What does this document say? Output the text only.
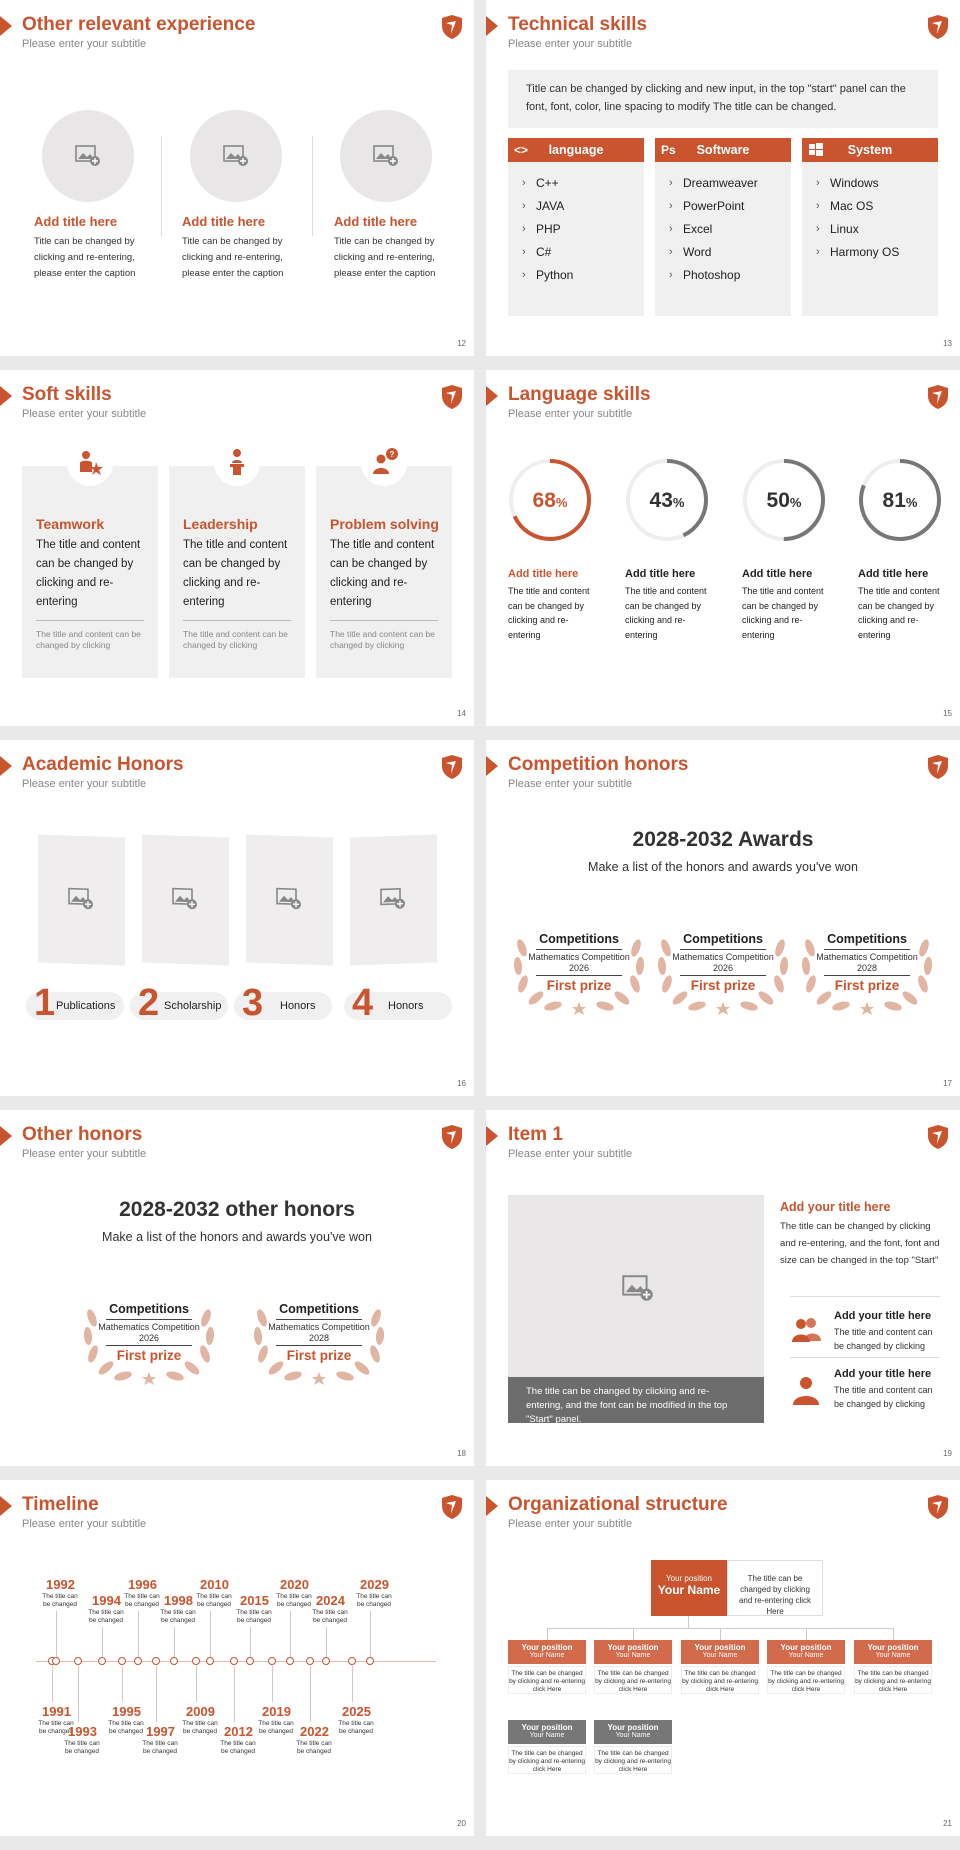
Other relevant experience
Please enter your subtitle
Add title here
Title can be changed by clicking and re-entering, please enter the caption
Add title here
Title can be changed by clicking and re-entering, please enter the caption
Add title here
Title can be changed by clicking and re-entering, please enter the caption
12
Technical skills
Please enter your subtitle
Title can be changed by clicking and new input, in the top "start" panel can the font, font, color, line spacing to modify The title can be changed.
<>	language
› C++
› JAVA
› PHP
› C#
› Python
Ps	Software
› Dreamweaver
› PowerPoint
› Excel
› Word
› Photoshop
System
› Windows
› Mac OS
› Linux
› Harmony OS
13
Soft skills
Please enter your subtitle
Teamwork
The title and content can be changed by clicking and re-entering
The title and content can be changed by clicking
Leadership
The title and content can be changed by clicking and re-entering
The title and content can be changed by clicking
Problem solving
The title and content can be changed by clicking and re-entering
The title and content can be changed by clicking
?
14
Language skills
Please enter your subtitle
68%	43%	50%	81%
Add title here
The title and content can be changed by clicking and re-entering
Add title here
The title and content can be changed by clicking and re-entering
Add title here
The title and content can be changed by clicking and re-entering
Add title here
The title and content can be changed by clicking and re-entering
15
Academic Honors
Please enter your subtitle
1 Publications 2 Scholarship 3 Honors 4 Honors
16
Competition honors
Please enter your subtitle
2028-2032 Awards
Make a list of the honors and awards you've won
Competitions
Mathematics Competition
2026
First prize
Competitions
Mathematics Competition
2026
First prize
Competitions
Mathematics Competition
2028
First prize
17
Other honors
Please enter your subtitle
2028-2032 other honors
Make a list of the honors and awards you've won
Competitions
Mathematics Competition
2026
First prize
Competitions
Mathematics Competition
2028
First prize
18
Item 1
Please enter your subtitle
The title can be changed by clicking and re-entering, and the font can be modified in the top "Start" panel.
Add your title here
The title can be changed by clicking and re-entering, and the font, font and size can be changed in the top "Start"
Add your title here
The title and content can be changed by clicking
Add your title here
The title and content can be changed by clicking
19
Timeline
Please enter your subtitle
1991
The title can be changed
1992
The title can be changed
1993
The title can be changed
1994
The title can be changed
1995
The title can be changed
1996
The title can be changed
1997
The title can be changed
1998
The title can be changed
2009
The title can be changed
2010
The title can be changed
2012
The title can be changed
2015
The title can be changed
2019
The title can be changed
2020
The title can be changed
2022
The title can be changed
2024
The title can be changed
2025
The title can be changed
2029
The title can be changed
20
Organizational structure
Please enter your subtitle
Your position
Your Name
The title can be changed by clicking and re-entering click Here
Your position
Your Name
The title can be changed by clicking and re-entering click Here
Your position
Your Name
The title can be changed by clicking and re-entering click Here
Your position
Your Name
The title can be changed by clicking and re-entering click Here
Your position
Your Name
The title can be changed by clicking and re-entering click Here
Your position
Your Name
The title can be changed by clicking and re-entering click Here
Your position
Your Name
The title can be changed by clicking and re-entering click Here
Your position
Your Name
The title can be changed by clicking and re-entering click Here
21
